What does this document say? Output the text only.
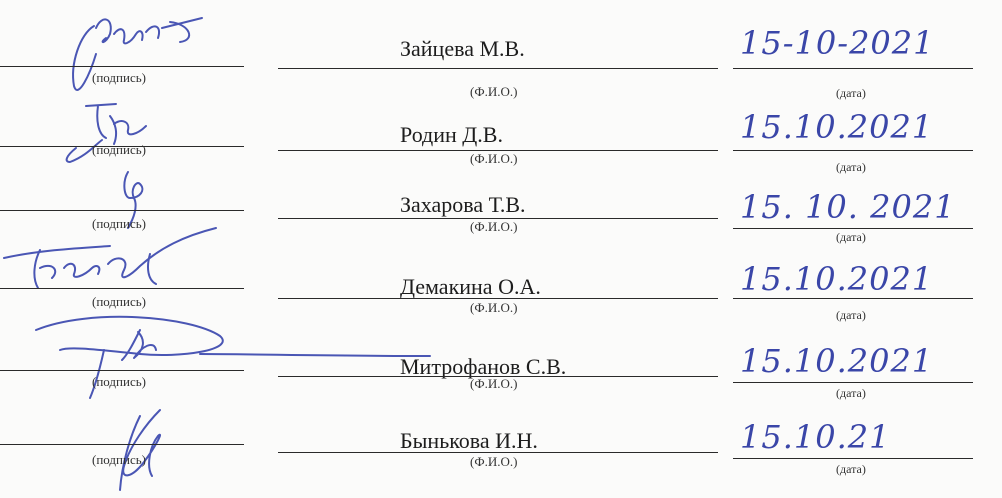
(подпись)
Зайцева М.В.
(Ф.И.О.)
15-10-2021
(дата)
(подпись)
Родин Д.В.
(Ф.И.О.)
15.10.2021
(дата)
(подпись)
Захарова Т.В.
(Ф.И.О.)
15. 10. 2021
(дата)
(подпись)
Демакина О.А.
(Ф.И.О.)
15.10.2021
(дата)
(подпись)
Митрофанов С.В.
(Ф.И.О.)
15.10.2021
(дата)
(подпись)
Бынькова И.Н.
(Ф.И.О.)
15.10.21
(дата)
